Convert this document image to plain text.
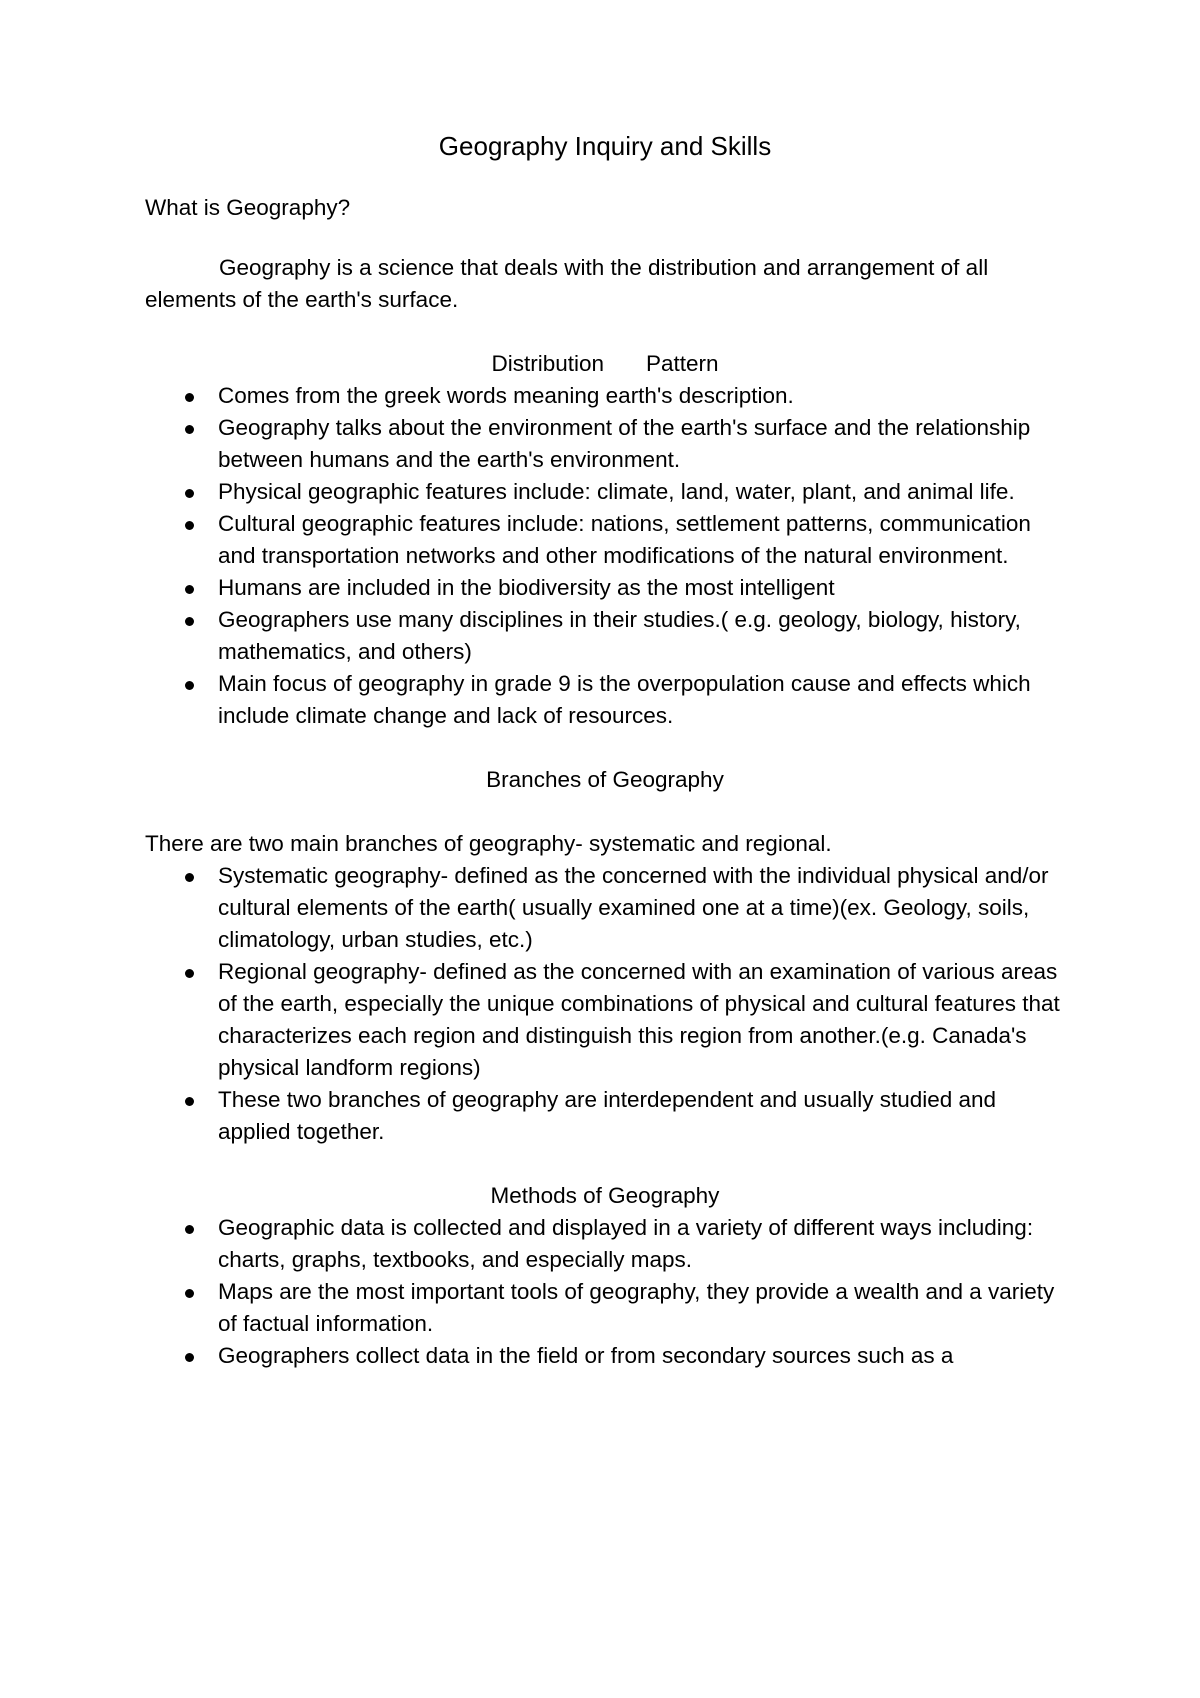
Geography Inquiry and Skills

What is Geography?

Geography is a science that deals with the distribution and arrangement of all elements of the earth's surface.

Distribution Pattern

Comes from the greek words meaning earth's description.
Geography talks about the environment of the earth's surface and the relationship between humans and the earth's environment.
Physical geographic features include: climate, land, water, plant, and animal life.
Cultural geographic features include: nations, settlement patterns, communication and transportation networks and other modifications of the natural environment.
Humans are included in the biodiversity as the most intelligent
Geographers use many disciplines in their studies.( e.g. geology, biology, history, mathematics, and others)
Main focus of geography in grade 9 is the overpopulation cause and effects which include climate change and lack of resources.

Branches of Geography

There are two main branches of geography- systematic and regional.

Systematic geography- defined as the concerned with the individual physical and/or cultural elements of the earth( usually examined one at a time)(ex. Geology, soils, climatology, urban studies, etc.)
Regional geography- defined as the concerned with an examination of various areas of the earth, especially the unique combinations of physical and cultural features that characterizes each region and distinguish this region from another.(e.g. Canada's physical landform regions)
These two branches of geography are interdependent and usually studied and applied together.

Methods of Geography

Geographic data is collected and displayed in a variety of different ways including: charts, graphs, textbooks, and especially maps.
Maps are the most important tools of geography, they provide a wealth and a variety of factual information.
Geographers collect data in the field or from secondary sources such as a
